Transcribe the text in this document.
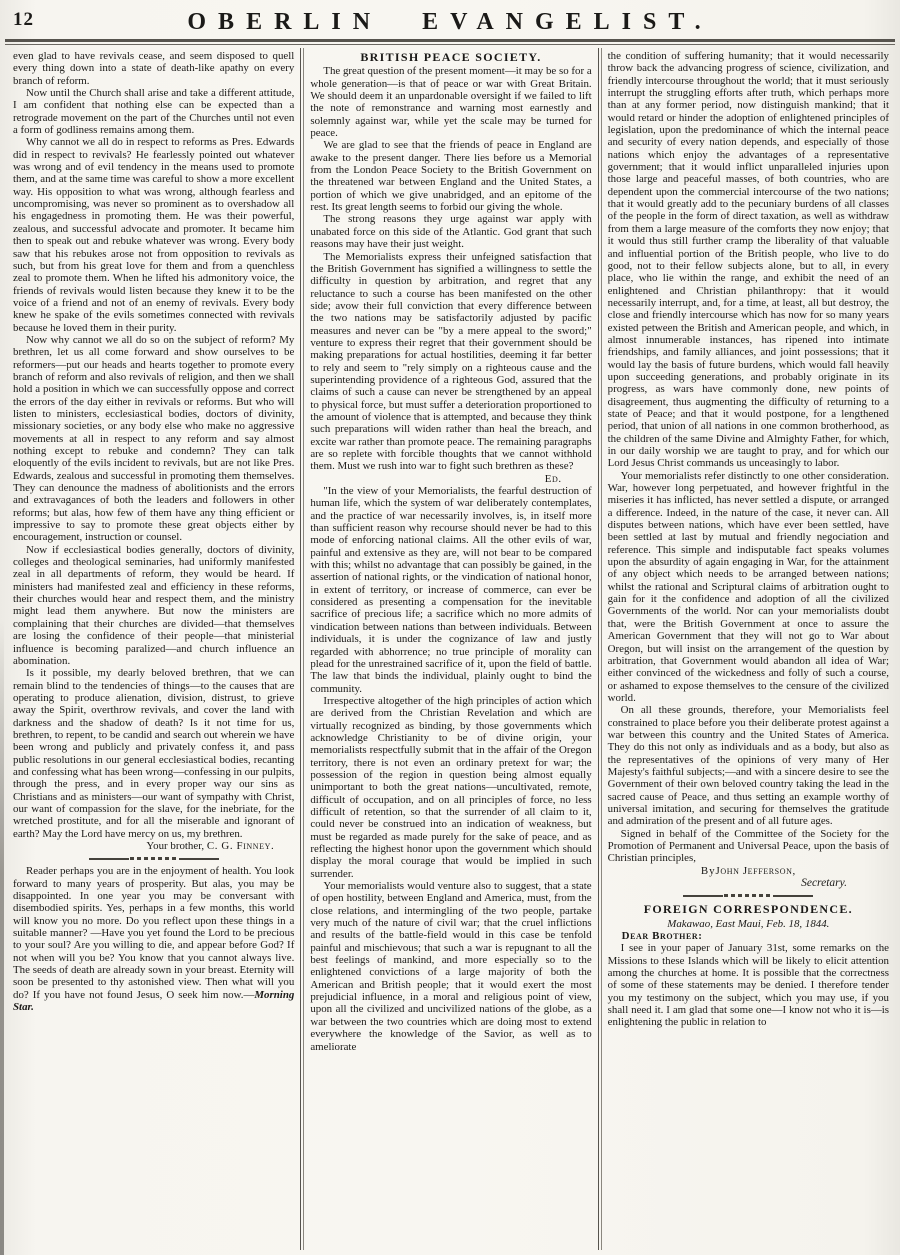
12	OBERLIN EVANGELIST.

even glad to have revivals cease, and seem disposed to quell every thing down into a state of death-like apathy on every branch of reform.

Now until the Church shall arise and take a different attitude, I am confident that nothing else can be expected than a retrograde movement on the part of the Churches until not even a form of godliness remains among them.

Why cannot we all do in respect to reforms as Pres. Edwards did in respect to revivals? He fearlessly pointed out whatever was wrong and of evil tendency in the means used to promote them, and at the same time was careful to show a more excellent way. His opposition to what was wrong, although fearless and uncompromising, was never so prominent as to overshadow all his engagedness in promoting them. He was their powerful, zealous, and successful advocate and promoter. It became him then to speak out and rebuke whatever was wrong. Every body saw that his rebukes arose not from opposition to revivals as such, but from his great love for them and from a quenchless zeal to promote them. When he lifted his admonitory voice, the friends of revivals would listen because they knew it to be the voice of a friend and not of an enemy of revivals. Every body knew he spake of the evils sometimes connected with revivals because he loved them in their purity.

Now why cannot we all do so on the subject of reform? My brethren, let us all come forward and show ourselves to be reformers—put our heads and hearts together to promote every branch of reform and also revivals of religion, and then we shall hold a position in which we can successfully oppose and correct the errors of the day either in revivals or reforms. But who will listen to ministers, ecclesiastical bodies, doctors of divinity, missionary societies, or any body else who make no aggressive movements at all in respect to any reform and say almost nothing except to rebuke and condemn? They can talk eloquently of the evils incident to revivals, but are not like Pres. Edwards, zealous and successful in promoting them themselves. They can denounce the madness of abolitionists and the errors and extravagances of both the leaders and followers in other reforms; but alas, how few of them have any thing efficient or impressive to say to promote these great objects either by encouragement, instruction or counsel.

Now if ecclesiastical bodies generally, doctors of divinity, colleges and theological seminaries, had uniformly manifested zeal in all departments of reform, they would be heard. If ministers had manifested zeal and efficiency in these reforms, their churches would hear and respect them, and the ministry might lead them anywhere. But now the ministers are complaining that their churches are divided—that themselves are losing the confidence of their people—that ministerial influence is becoming paralized—and church influence an abomination.

Is it possible, my dearly beloved brethren, that we can remain blind to the tendencies of things—to the causes that are operating to produce alienation, division, distrust, to grieve away the Spirit, overthrow revivals, and cover the land with darkness and the shadow of death? Is it not time for us, brethren, to repent, to be candid and search out wherein we have been wrong and publicly and privately confess it, and pass public resolutions in our general ecclesiastical bodies, recanting and confessing what has been wrong—confessing in our pulpits, through the press, and in every proper way our sins as Christians and as ministers—our want of sympathy with Christ, our want of compassion for the slave, for the inebriate, for the wretched prostitute, and for all the miserable and ignorant of earth? May the Lord have mercy on us, my brethren.

Your brother, C. G. Finney.

Reader perhaps you are in the enjoyment of health. You look forward to many years of prosperity. But alas, you may be disappointed. In one year you may be conversant with disembodied spirits. Yes, perhaps in a few months, this world will know you no more. Do you reflect upon these things in a suitable manner? —Have you yet found the Lord to be precious to your soul? Are you willing to die, and appear before God? If not when will you be? You know that you cannot always live. The seeds of death are already sown in your breast. Eternity will soon be presented to thy astonished view. Then what will you do? If you have not found Jesus, O seek him now.—Morning Star.

BRITISH PEACE SOCIETY.

The great question of the present moment—it may be so for a whole generation—is that of peace or war with Great Britain. We should deem it an unpardonable oversight if we failed to lift the note of remonstrance and warning most earnestly and solemnly against war, while yet the scale may be turned for peace.

We are glad to see that the friends of peace in England are awake to the present danger. There lies before us a Memorial from the London Peace Society to the British Government on the threatened war between England and the United States, a portion of which we give unabridged, and an epitome of the rest. Its great length seems to forbid our giving the whole.

The strong reasons they urge against war apply with unabated force on this side of the Atlantic. God grant that such reasons may have their just weight.

The Memorialists express their unfeigned satisfaction that the British Government has signified a willingness to settle the difficulty in question by arbitration, and regret that any reluctance to such a course has been manifested on the other side; avow their full conviction that every difference between the two nations may be satisfactorily adjusted by pacific measures and never can be "by a mere appeal to the sword;" venture to express their regret that their government should be making preparations for actual hostilities, deeming it far better to rely and seem to "rely simply on a righteous cause and the superintending providence of a righteous God, assured that the claims of such a cause can never be strengthened by an appeal to physical force, but must suffer a deterioration proportioned to the amount of violence that is attempted, and because they think such preparations will widen rather than heal the breach, and excite war rather than promote peace. The remaining paragraphs are so replete with forcible thoughts that we cannot withhold them. Must we rush into war to fight such brethren as these?

Ed.

"In the view of your Memorialists, the fearful destruction of human life, which the system of war deliberately contemplates, and the practice of war necessarily involves, is, in itself more than sufficient reason why recourse should never be had to this mode of enforcing national claims. All the other evils of war, painful and extensive as they are, will not bear to be compared with this; whilst no advantage that can possibly be gained, in the assertion of national rights, or the vindication of national honor, in extent of territory, or increase of commerce, can ever be considered as presenting a compensation for the inevitable sacrifice of precious life; a sacrifice which no more admits of vindication between nations than between individuals. Between individuals, it is under the cognizance of law and justly regarded with abhorrence; no true principle of morality can plead for the unrestrained sacrifice of it, upon the field of battle. The law that binds the individual, plainly ought to bind the community.

Irrespective altogether of the high principles of action which are derived from the Christian Revelation and which are virtually recognized as binding, by those governments which acknowledge Christianity to be of divine origin, your memorialists respectfully submit that in the affair of the Oregon territory, there is not even an ordinary pretext for war; the possession of the region in question being almost equally unimportant to both the great nations—uncultivated, remote, difficult of occupation, and on all principles of force, no less difficult of retention, so that the surrender of all claim to it, could never be construed into an indication of weakness, but must be regarded as made purely for the sake of peace, and as reflecting the highest honor upon the government which should display the moral courage that would be implied in such surrender.

Your memorialists would venture also to suggest, that a state of open hostility, between England and America, must, from the close relations, and intermingling of the two people, partake very much of the nature of civil war; that the cruel inflictions and results of the battle-field would in this case be tenfold painful and mischievous; that such a war is repugnant to all the best feelings of mankind, and more especially so to the enlightened convictions of a large majority of both the American and British people; that it would exert the most prejudicial influence, in a moral and religious point of view, upon all the civilized and uncivilized nations of the globe, as a war between the two countries which are doing most to extend everywhere the knowledge of the Savior, as well as to ameliorate

the condition of suffering humanity; that it would necessarily throw back the advancing progress of science, civilization, and friendly intercourse throughout the world; that it must seriously interrupt the struggling efforts after truth, which perhaps more than at any former period, now distinguish mankind; that it would retard or hinder the adoption of enlightened principles of legislation, upon the predominance of which the internal peace and security of every nation depends, and especially of those nations which enjoy the advantages of a representative government; that it would inflict unparalleled injuries upon those large and peaceful masses, of both countries, who are dependent upon the commercial intercourse of the two nations; that it would greatly add to the pecuniary burdens of all classes of the people in the form of direct taxation, as well as withdraw from them a large measure of the comforts they now enjoy; that it would thus still further cramp the liberality of that valuable and influential portion of the British people, who live to do good, not to their fellow subjects alone, but to all, in every place, who lie within the range, and exhibit the need of an enlightened and Christian philanthropy: that it would necessarily interrupt, and, for a time, at least, all but destroy, the close and friendly intercourse which has now for so many years existed petween the British and American people, and which, in almost innumerable instances, has ripened into intimate friendships, and family alliances, and joint possessions; that it would lay the basis of future burdens, which would fall heavily upon succeeding generations, and probably originate in its progress, as wars have commonly done, new points of disagreement, thus augmenting the difficulty of returning to a state of Peace; and that it would postpone, for a lengthened period, that union of all nations in one common brotherhood, as the children of the same Divine and Almighty Father, for which, in our daily worship we are taught to pray, and for which our Lord Jesus Christ commands us unceasingly to labor.

Your memorialists refer distinctly to one other consideration. War, however long perpetuated, and however frightful in the miseries it has inflicted, has never settled a dispute, or arranged a difference. Indeed, in the nature of the case, it never can. All disputes between nations, which have ever been settled, have been settled at last by mutual and friendly negociation and reference. This simple and indisputable fact speaks volumes upon the absurdity of again engaging in War, for the attainment of any object which needs to be arranged between nations; whilst the rational and Scriptural claims of arbitration ought to gain for it the confidence and adoption of all the civilized Governments of the world. Nor can your memorialists doubt that, were the British Government at once to assure the American Government that they will not go to War about Oregon, but will insist on the arrangement of the question by arbitration, that Government would abandon all idea of War; either convinced of the wickedness and folly of such a course, or ashamed to expose themselves to the censure of the civilized world.

On all these grounds, therefore, your Memorialists feel constrained to place before you their deliberate protest against a war between this country and the United States of America. They do this not only as individuals and as a body, but also as the representatives of the opinions of very many of Her Majesty's faithful subjects;—and with a sincere desire to see the Government of their own beloved country taking the lead in the sacred cause of Peace, and thus setting an example worthy of universal imitation, and securing for themselves the gratitude and admiration of the present and of all future ages.

Signed in behalf of the Committee of the Society for the Promotion of Permanent and Universal Peace, upon the basis of Christian principles,

ByJohn Jefferson,

Secretary.

FOREIGN CORRESPONDENCE.

Makawao, East Maui, Feb. 18, 1844.

Dear Brother:

I see in your paper of January 31st, some remarks on the Missions to these Islands which will be likely to elicit attention among the churches at home. It is possible that the correctness of some of these statements may be denied. I therefore tender you my testimony on the subject, which you may use, if you shall need it. I am glad that some one—I know not who it is—is enlightening the public in relation to
